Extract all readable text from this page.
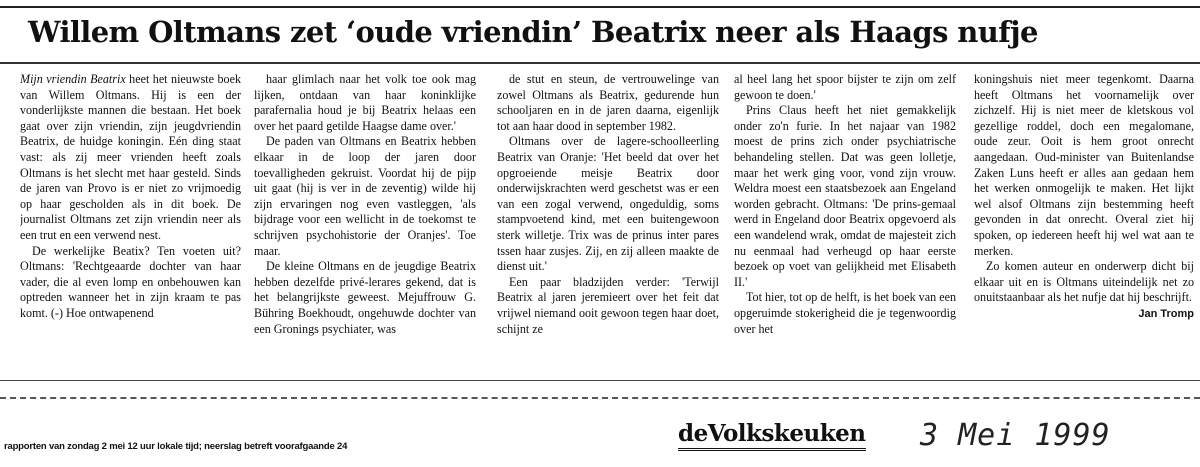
Willem Oltmans zet ‘oude vriendin’ Beatrix neer als Haags nufje

Mijn vriendin Beatrix heet het nieuwste boek van Willem Oltmans. Hij is een der vonderlijkste mannen die bestaan. Het boek gaat over zijn vriendin, zijn jeugdvriendin Beatrix, de huidge koningin. Eén ding staat vast: als zij meer vrienden heeft zoals Oltmans is het slecht met haar gesteld. Sinds de jaren van Provo is er niet zo vrijmoedig op haar gescholden als in dit boek. De journalist Oltmans zet zijn vriendin neer als een trut en een verwend nest.

De werkelijke Beatix? Ten voeten uit? Oltmans: 'Rechtgeaarde dochter van haar vader, die al even lomp en onbehouwen kan optreden wanneer het in zijn kraam te pas komt. (-) Hoe ontwapenend

haar glimlach naar het volk toe ook mag lijken, ontdaan van haar koninklijke parafernalia houd je bij Beatrix helaas een over het paard getilde Haagse dame over.'

De paden van Oltmans en Beatrix hebben elkaar in de loop der jaren door toevalligheden gekruist. Voordat hij de pijp uit gaat (hij is ver in de zeventig) wilde hij zijn ervaringen nog even vastleggen, 'als bijdrage voor een wellicht in de toekomst te schrijven psychohistorie der Oranjes'. Toe maar.

De kleine Oltmans en de jeugdige Beatrix hebben dezelfde privé-lerares gekend, dat is het belangrijkste geweest. Mejuffrouw G. Bühring Boekhoudt, ongehuwde dochter van een Gronings psychiater, was

de stut en steun, de vertrouwelinge van zowel Oltmans als Beatrix, gedurende hun schooljaren en in de jaren daarna, eigenlijk tot aan haar dood in september 1982.

Oltmans over de lagere-schoolleerling Beatrix van Oranje: 'Het beeld dat over het opgroeiende meisje Beatrix door onderwijskrachten werd geschetst was er een van een zogal verwend, ongeduldig, soms stampvoetend kind, met een buitengewoon sterk willetje. Trix was de prinus inter pares tssen haar zusjes. Zij, en zij alleen maakte de dienst uit.'

Een paar bladzijden verder: 'Terwijl Beatrix al jaren jeremieert over het feit dat vrijwel niemand ooit gewoon tegen haar doet, schijnt ze

al heel lang het spoor bijster te zijn om zelf gewoon te doen.'

Prins Claus heeft het niet gemakkelijk onder zo'n furie. In het najaar van 1982 moest de prins zich onder psychiatrische behandeling stellen. Dat was geen lolletje, maar het werk ging voor, vond zijn vrouw. Weldra moest een staatsbezoek aan Engeland worden gebracht. Oltmans: 'De prins-gemaal werd in Engeland door Beatrix opgevoerd als een wandelend wrak, omdat de majesteit zich nu eenmaal had verheugd op haar eerste bezoek op voet van gelijkheid met Elisabeth II.'

Tot hier, tot op de helft, is het boek van een opgeruimde stokerigheid die je tegenwoordig over het

koningshuis niet meer tegenkomt. Daarna heeft Oltmans het voornamelijk over zichzelf. Hij is niet meer de kletskous vol gezellige roddel, doch een megalomane, oude zeur. Ooit is hem groot onrecht aangedaan. Oud-minister van Buitenlandse Zaken Luns heeft er alles aan gedaan hem het werken onmogelijk te maken. Het lijkt wel alsof Oltmans zijn bestemming heeft gevonden in dat onrecht. Overal ziet hij spoken, op iedereen heeft hij wel wat aan te merken.

Zo komen auteur en onderwerp dicht bij elkaar uit en is Oltmans uiteindelijk net zo onuitstaanbaar als het nufje dat hij beschrijft.

Jan Tromp
rapporten van zondag 2 mei 12 uur lokale tijd; neerslag betreft voorafgaande 24	deVolkskeuken 3 Mei 1999
